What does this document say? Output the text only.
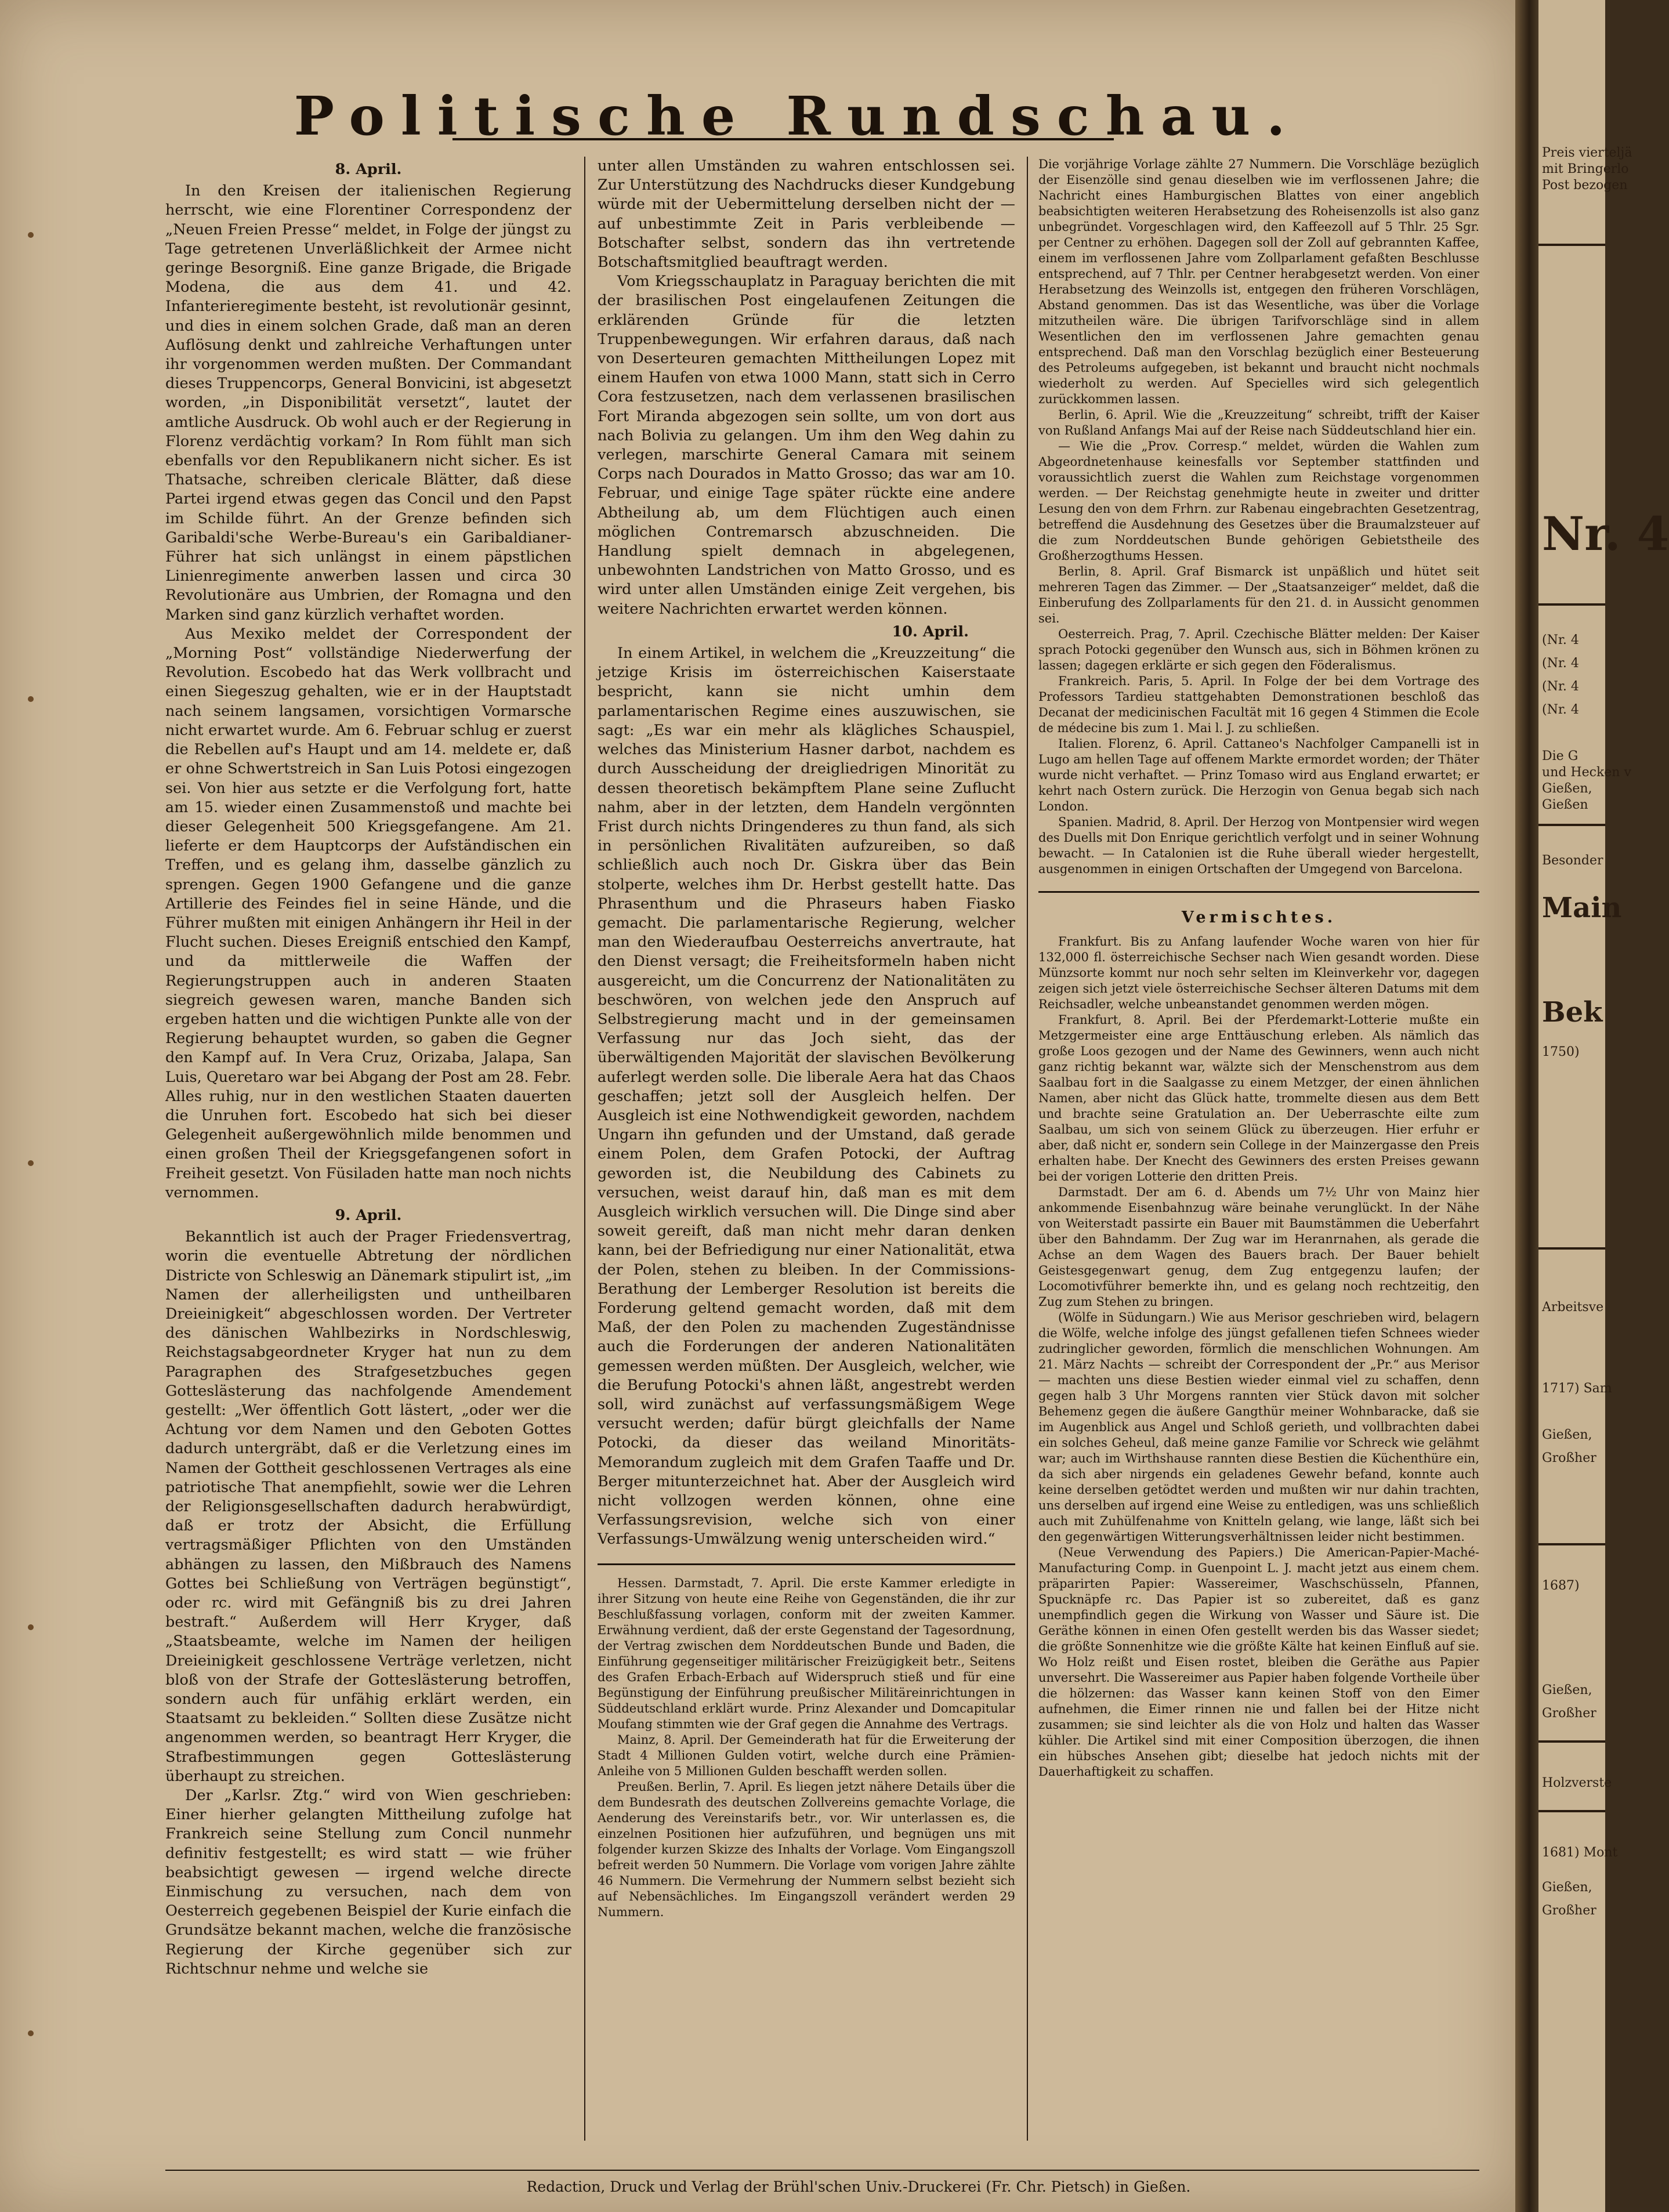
Preis vierteljä
mit Bringerlo
Post bezogen
Nr. 4
(Nr. 4
(Nr. 4
(Nr. 4
(Nr. 4
Die G
und Hecken v
Gießen,
Gießen
Besonder
Main
Bek
1750)
Arbeitsve
1717) Sam
Gießen,
Großher
1687)
Gießen,
Großher
Holzverste
1681) Mont
Gießen,
Großher
Politische Rundschau.

8. April.

In den Kreisen der italienischen Regierung herrscht, wie eine Florentiner Correspondenz der „Neuen Freien Presse“ meldet, in Folge der jüngst zu Tage getretenen Unverläßlichkeit der Armee nicht geringe Besorgniß. Eine ganze Brigade, die Brigade Modena, die aus dem 41. und 42. Infanterieregimente besteht, ist revolutionär gesinnt, und dies in einem solchen Grade, daß man an deren Auflösung denkt und zahlreiche Verhaftungen unter ihr vorgenommen werden mußten. Der Commandant dieses Truppencorps, General Bonvicini, ist abgesetzt worden, „in Disponibilität versetzt“, lautet der amtliche Ausdruck. Ob wohl auch er der Regierung in Florenz verdächtig vorkam? In Rom fühlt man sich ebenfalls vor den Republikanern nicht sicher. Es ist Thatsache, schreiben clericale Blätter, daß diese Partei irgend etwas gegen das Concil und den Papst im Schilde führt. An der Grenze befinden sich Garibaldi'sche Werbe-Bureau's ein Garibaldianer-Führer hat sich unlängst in einem päpstlichen Linienregimente anwerben lassen und circa 30 Revolutionäre aus Umbrien, der Romagna und den Marken sind ganz kürzlich verhaftet worden.

Aus Mexiko meldet der Correspondent der „Morning Post“ vollständige Niederwerfung der Revolution. Escobedo hat das Werk vollbracht und einen Siegeszug gehalten, wie er in der Hauptstadt nach seinem langsamen, vorsichtigen Vormarsche nicht erwartet wurde. Am 6. Februar schlug er zuerst die Rebellen auf's Haupt und am 14. meldete er, daß er ohne Schwertstreich in San Luis Potosi eingezogen sei. Von hier aus setzte er die Verfolgung fort, hatte am 15. wieder einen Zusammenstoß und machte bei dieser Gelegenheit 500 Kriegsgefangene. Am 21. lieferte er dem Hauptcorps der Aufständischen ein Treffen, und es gelang ihm, dasselbe gänzlich zu sprengen. Gegen 1900 Gefangene und die ganze Artillerie des Feindes fiel in seine Hände, und die Führer mußten mit einigen Anhängern ihr Heil in der Flucht suchen. Dieses Ereigniß entschied den Kampf, und da mittlerweile die Waffen der Regierungstruppen auch in anderen Staaten siegreich gewesen waren, manche Banden sich ergeben hatten und die wichtigen Punkte alle von der Regierung behauptet wurden, so gaben die Gegner den Kampf auf. In Vera Cruz, Orizaba, Jalapa, San Luis, Queretaro war bei Abgang der Post am 28. Febr. Alles ruhig, nur in den westlichen Staaten dauerten die Unruhen fort. Escobedo hat sich bei dieser Gelegenheit außergewöhnlich milde benommen und einen großen Theil der Kriegsgefangenen sofort in Freiheit gesetzt. Von Füsiladen hatte man noch nichts vernommen.

9. April.

Bekanntlich ist auch der Prager Friedensvertrag, worin die eventuelle Abtretung der nördlichen Districte von Schleswig an Dänemark stipulirt ist, „im Namen der allerheiligsten und untheilbaren Dreieinigkeit“ abgeschlossen worden. Der Vertreter des dänischen Wahlbezirks in Nordschleswig, Reichstagsabgeordneter Kryger hat nun zu dem Paragraphen des Strafgesetzbuches gegen Gotteslästerung das nachfolgende Amendement gestellt: „Wer öffentlich Gott lästert, „oder wer die Achtung vor dem Namen und den Geboten Gottes dadurch untergräbt, daß er die Verletzung eines im Namen der Gottheit geschlossenen Vertrages als eine patriotische That anempfiehlt, sowie wer die Lehren der Religionsgesellschaften dadurch herabwürdigt, daß er trotz der Absicht, die Erfüllung vertragsmäßiger Pflichten von den Umständen abhängen zu lassen, den Mißbrauch des Namens Gottes bei Schließung von Verträgen begünstigt“, oder rc. wird mit Gefängniß bis zu drei Jahren bestraft.“ Außerdem will Herr Kryger, daß „Staatsbeamte, welche im Namen der heiligen Dreieinigkeit geschlossene Verträge verletzen, nicht bloß von der Strafe der Gotteslästerung betroffen, sondern auch für unfähig erklärt werden, ein Staatsamt zu bekleiden.“ Sollten diese Zusätze nicht angenommen werden, so beantragt Herr Kryger, die Strafbestimmungen gegen Gotteslästerung überhaupt zu streichen.

Der „Karlsr. Ztg.“ wird von Wien geschrieben: Einer hierher gelangten Mittheilung zufolge hat Frankreich seine Stellung zum Concil nunmehr definitiv festgestellt; es wird statt — wie früher beabsichtigt gewesen — irgend welche directe Einmischung zu versuchen, nach dem von Oesterreich gegebenen Beispiel der Kurie einfach die Grundsätze bekannt machen, welche die französische Regierung der Kirche gegenüber sich zur Richtschnur nehme und welche sie

unter allen Umständen zu wahren entschlossen sei. Zur Unterstützung des Nachdrucks dieser Kundgebung würde mit der Uebermittelung derselben nicht der — auf unbestimmte Zeit in Paris verbleibende — Botschafter selbst, sondern das ihn vertretende Botschaftsmitglied beauftragt werden.

Vom Kriegsschauplatz in Paraguay berichten die mit der brasilischen Post eingelaufenen Zeitungen die erklärenden Gründe für die letzten Truppenbewegungen. Wir erfahren daraus, daß nach von Deserteuren gemachten Mittheilungen Lopez mit einem Haufen von etwa 1000 Mann, statt sich in Cerro Cora festzusetzen, nach dem verlassenen brasilischen Fort Miranda abgezogen sein sollte, um von dort aus nach Bolivia zu gelangen. Um ihm den Weg dahin zu verlegen, marschirte General Camara mit seinem Corps nach Dourados in Matto Grosso; das war am 10. Februar, und einige Tage später rückte eine andere Abtheilung ab, um dem Flüchtigen auch einen möglichen Contremarsch abzuschneiden. Die Handlung spielt demnach in abgelegenen, unbewohnten Landstrichen von Matto Grosso, und es wird unter allen Umständen einige Zeit vergehen, bis weitere Nachrichten erwartet werden können.

10. April.

In einem Artikel, in welchem die „Kreuzzeitung“ die jetzige Krisis im österreichischen Kaiserstaate bespricht, kann sie nicht umhin dem parlamentarischen Regime eines auszuwischen, sie sagt: „Es war ein mehr als klägliches Schauspiel, welches das Ministerium Hasner darbot, nachdem es durch Ausscheidung der dreigliedrigen Minorität zu dessen theoretisch bekämpftem Plane seine Zuflucht nahm, aber in der letzten, dem Handeln vergönnten Frist durch nichts Dringenderes zu thun fand, als sich in persönlichen Rivalitäten aufzureiben, so daß schließlich auch noch Dr. Giskra über das Bein stolperte, welches ihm Dr. Herbst gestellt hatte. Das Phrasenthum und die Phraseurs haben Fiasko gemacht. Die parlamentarische Regierung, welcher man den Wiederaufbau Oesterreichs anvertraute, hat den Dienst versagt; die Freiheitsformeln haben nicht ausgereicht, um die Concurrenz der Nationalitäten zu beschwören, von welchen jede den Anspruch auf Selbstregierung macht und in der gemeinsamen Verfassung nur das Joch sieht, das der überwältigenden Majorität der slavischen Bevölkerung auferlegt werden solle. Die liberale Aera hat das Chaos geschaffen; jetzt soll der Ausgleich helfen. Der Ausgleich ist eine Nothwendigkeit geworden, nachdem Ungarn ihn gefunden und der Umstand, daß gerade einem Polen, dem Grafen Potocki, der Auftrag geworden ist, die Neubildung des Cabinets zu versuchen, weist darauf hin, daß man es mit dem Ausgleich wirklich versuchen will. Die Dinge sind aber soweit gereift, daß man nicht mehr daran denken kann, bei der Befriedigung nur einer Nationalität, etwa der Polen, stehen zu bleiben. In der Commissions-Berathung der Lemberger Resolution ist bereits die Forderung geltend gemacht worden, daß mit dem Maß, der den Polen zu machenden Zugeständnisse auch die Forderungen der anderen Nationalitäten gemessen werden müßten. Der Ausgleich, welcher, wie die Berufung Potocki's ahnen läßt, angestrebt werden soll, wird zunächst auf verfassungsmäßigem Wege versucht werden; dafür bürgt gleichfalls der Name Potocki, da dieser das weiland Minoritäts-Memorandum zugleich mit dem Grafen Taaffe und Dr. Berger mitunterzeichnet hat. Aber der Ausgleich wird nicht vollzogen werden können, ohne eine Verfassungsrevision, welche sich von einer Verfassungs-Umwälzung wenig unterscheiden wird.“

Hessen. Darmstadt, 7. April. Die erste Kammer erledigte in ihrer Sitzung von heute eine Reihe von Gegenständen, die ihr zur Beschlußfassung vorlagen, conform mit der zweiten Kammer. Erwähnung verdient, daß der erste Gegenstand der Tagesordnung, der Vertrag zwischen dem Norddeutschen Bunde und Baden, die Einführung gegenseitiger militärischer Freizügigkeit betr., Seitens des Grafen Erbach-Erbach auf Widerspruch stieß und für eine Begünstigung der Einführung preußischer Militäreinrichtungen in Süddeutschland erklärt wurde. Prinz Alexander und Domcapitular Moufang stimmten wie der Graf gegen die Annahme des Vertrags.

Mainz, 8. April. Der Gemeinderath hat für die Erweiterung der Stadt 4 Millionen Gulden votirt, welche durch eine Prämien-Anleihe von 5 Millionen Gulden beschafft werden sollen.

Preußen. Berlin, 7. April. Es liegen jetzt nähere Details über die dem Bundesrath des deutschen Zollvereins gemachte Vorlage, die Aenderung des Vereinstarifs betr., vor. Wir unterlassen es, die einzelnen Positionen hier aufzuführen, und begnügen uns mit folgender kurzen Skizze des Inhalts der Vorlage. Vom Eingangszoll befreit werden 50 Nummern. Die Vorlage vom vorigen Jahre zählte 46 Nummern. Die Vermehrung der Nummern selbst bezieht sich auf Nebensächliches. Im Eingangszoll verändert werden 29 Nummern.

Die vorjährige Vorlage zählte 27 Nummern. Die Vorschläge bezüglich der Eisenzölle sind genau dieselben wie im verflossenen Jahre; die Nachricht eines Hamburgischen Blattes von einer angeblich beabsichtigten weiteren Herabsetzung des Roheisenzolls ist also ganz unbegründet. Vorgeschlagen wird, den Kaffeezoll auf 5 Thlr. 25 Sgr. per Centner zu erhöhen. Dagegen soll der Zoll auf gebrannten Kaffee, einem im verflossenen Jahre vom Zollparlament gefaßten Beschlusse entsprechend, auf 7 Thlr. per Centner herabgesetzt werden. Von einer Herabsetzung des Weinzolls ist, entgegen den früheren Vorschlägen, Abstand genommen. Das ist das Wesentliche, was über die Vorlage mitzutheilen wäre. Die übrigen Tarifvorschläge sind in allem Wesentlichen den im verflossenen Jahre gemachten genau entsprechend. Daß man den Vorschlag bezüglich einer Besteuerung des Petroleums aufgegeben, ist bekannt und braucht nicht nochmals wiederholt zu werden. Auf Specielles wird sich gelegentlich zurückkommen lassen.

Berlin, 6. April. Wie die „Kreuzzeitung“ schreibt, trifft der Kaiser von Rußland Anfangs Mai auf der Reise nach Süddeutschland hier ein.

— Wie die „Prov. Corresp.“ meldet, würden die Wahlen zum Abgeordnetenhause keinesfalls vor September stattfinden und voraussichtlich zuerst die Wahlen zum Reichstage vorgenommen werden. — Der Reichstag genehmigte heute in zweiter und dritter Lesung den von dem Frhrn. zur Rabenau eingebrachten Gesetzentrag, betreffend die Ausdehnung des Gesetzes über die Braumalzsteuer auf die zum Norddeutschen Bunde gehörigen Gebietstheile des Großherzogthums Hessen.

Berlin, 8. April. Graf Bismarck ist unpäßlich und hütet seit mehreren Tagen das Zimmer. — Der „Staatsanzeiger“ meldet, daß die Einberufung des Zollparlaments für den 21. d. in Aussicht genommen sei.

Oesterreich. Prag, 7. April. Czechische Blätter melden: Der Kaiser sprach Potocki gegenüber den Wunsch aus, sich in Böhmen krönen zu lassen; dagegen erklärte er sich gegen den Föderalismus.

Frankreich. Paris, 5. April. In Folge der bei dem Vortrage des Professors Tardieu stattgehabten Demonstrationen beschloß das Decanat der medicinischen Facultät mit 16 gegen 4 Stimmen die Ecole de médecine bis zum 1. Mai l. J. zu schließen.

Italien. Florenz, 6. April. Cattaneo's Nachfolger Campanelli ist in Lugo am hellen Tage auf offenem Markte ermordet worden; der Thäter wurde nicht verhaftet. — Prinz Tomaso wird aus England erwartet; er kehrt nach Ostern zurück. Die Herzogin von Genua begab sich nach London.

Spanien. Madrid, 8. April. Der Herzog von Montpensier wird wegen des Duells mit Don Enrique gerichtlich verfolgt und in seiner Wohnung bewacht. — In Catalonien ist die Ruhe überall wieder hergestellt, ausgenommen in einigen Ortschaften der Umgegend von Barcelona.

Vermischtes.

Frankfurt. Bis zu Anfang laufender Woche waren von hier für 132,000 fl. österreichische Sechser nach Wien gesandt worden. Diese Münzsorte kommt nur noch sehr selten im Kleinverkehr vor, dagegen zeigen sich jetzt viele österreichische Sechser älteren Datums mit dem Reichsadler, welche unbeanstandet genommen werden mögen.

Frankfurt, 8. April. Bei der Pferdemarkt-Lotterie mußte ein Metzgermeister eine arge Enttäuschung erleben. Als nämlich das große Loos gezogen und der Name des Gewinners, wenn auch nicht ganz richtig bekannt war, wälzte sich der Menschenstrom aus dem Saalbau fort in die Saalgasse zu einem Metzger, der einen ähnlichen Namen, aber nicht das Glück hatte, trommelte diesen aus dem Bett und brachte seine Gratulation an. Der Ueberraschte eilte zum Saalbau, um sich von seinem Glück zu überzeugen. Hier erfuhr er aber, daß nicht er, sondern sein College in der Mainzergasse den Preis erhalten habe. Der Knecht des Gewinners des ersten Preises gewann bei der vorigen Lotterie den dritten Preis.

Darmstadt. Der am 6. d. Abends um 7½ Uhr von Mainz hier ankommende Eisenbahnzug wäre beinahe verunglückt. In der Nähe von Weiterstadt passirte ein Bauer mit Baumstämmen die Ueberfahrt über den Bahndamm. Der Zug war im Heranrnahen, als gerade die Achse an dem Wagen des Bauers brach. Der Bauer behielt Geistesgegenwart genug, dem Zug entgegenzu laufen; der Locomotivführer bemerkte ihn, und es gelang noch rechtzeitig, den Zug zum Stehen zu bringen.

(Wölfe in Südungarn.) Wie aus Merisor geschrieben wird, belagern die Wölfe, welche infolge des jüngst gefallenen tiefen Schnees wieder zudringlicher geworden, förmlich die menschlichen Wohnungen. Am 21. März Nachts — schreibt der Correspondent der „Pr.“ aus Merisor — machten uns diese Bestien wieder einmal viel zu schaffen, denn gegen halb 3 Uhr Morgens rannten vier Stück davon mit solcher Behemenz gegen die äußere Gangthür meiner Wohnbaracke, daß sie im Augenblick aus Angel und Schloß gerieth, und vollbrachten dabei ein solches Geheul, daß meine ganze Familie vor Schreck wie gelähmt war; auch im Wirthshause rannten diese Bestien die Küchenthüre ein, da sich aber nirgends ein geladenes Gewehr befand, konnte auch keine derselben getödtet werden und mußten wir nur dahin trachten, uns derselben auf irgend eine Weise zu entledigen, was uns schließlich auch mit Zuhülfenahme von Knitteln gelang, wie lange, läßt sich bei den gegenwärtigen Witterungsverhältnissen leider nicht bestimmen.

(Neue Verwendung des Papiers.) Die American-Papier-Maché-Manufacturing Comp. in Guenpoint L. J. macht jetzt aus einem chem. präparirten Papier: Wassereimer, Waschschüsseln, Pfannen, Spucknäpfe rc. Das Papier ist so zubereitet, daß es ganz unempfindlich gegen die Wirkung von Wasser und Säure ist. Die Geräthe können in einen Ofen gestellt werden bis das Wasser siedet; die größte Sonnenhitze wie die größte Kälte hat keinen Einfluß auf sie. Wo Holz reißt und Eisen rostet, bleiben die Geräthe aus Papier unversehrt. Die Wassereimer aus Papier haben folgende Vortheile über die hölzernen: das Wasser kann keinen Stoff von den Eimer aufnehmen, die Eimer rinnen nie und fallen bei der Hitze nicht zusammen; sie sind leichter als die von Holz und halten das Wasser kühler. Die Artikel sind mit einer Composition überzogen, die ihnen ein hübsches Ansehen gibt; dieselbe hat jedoch nichts mit der Dauerhaftigkeit zu schaffen.

Redaction, Druck und Verlag der Brühl'schen Univ.-Druckerei (Fr. Chr. Pietsch) in Gießen.
